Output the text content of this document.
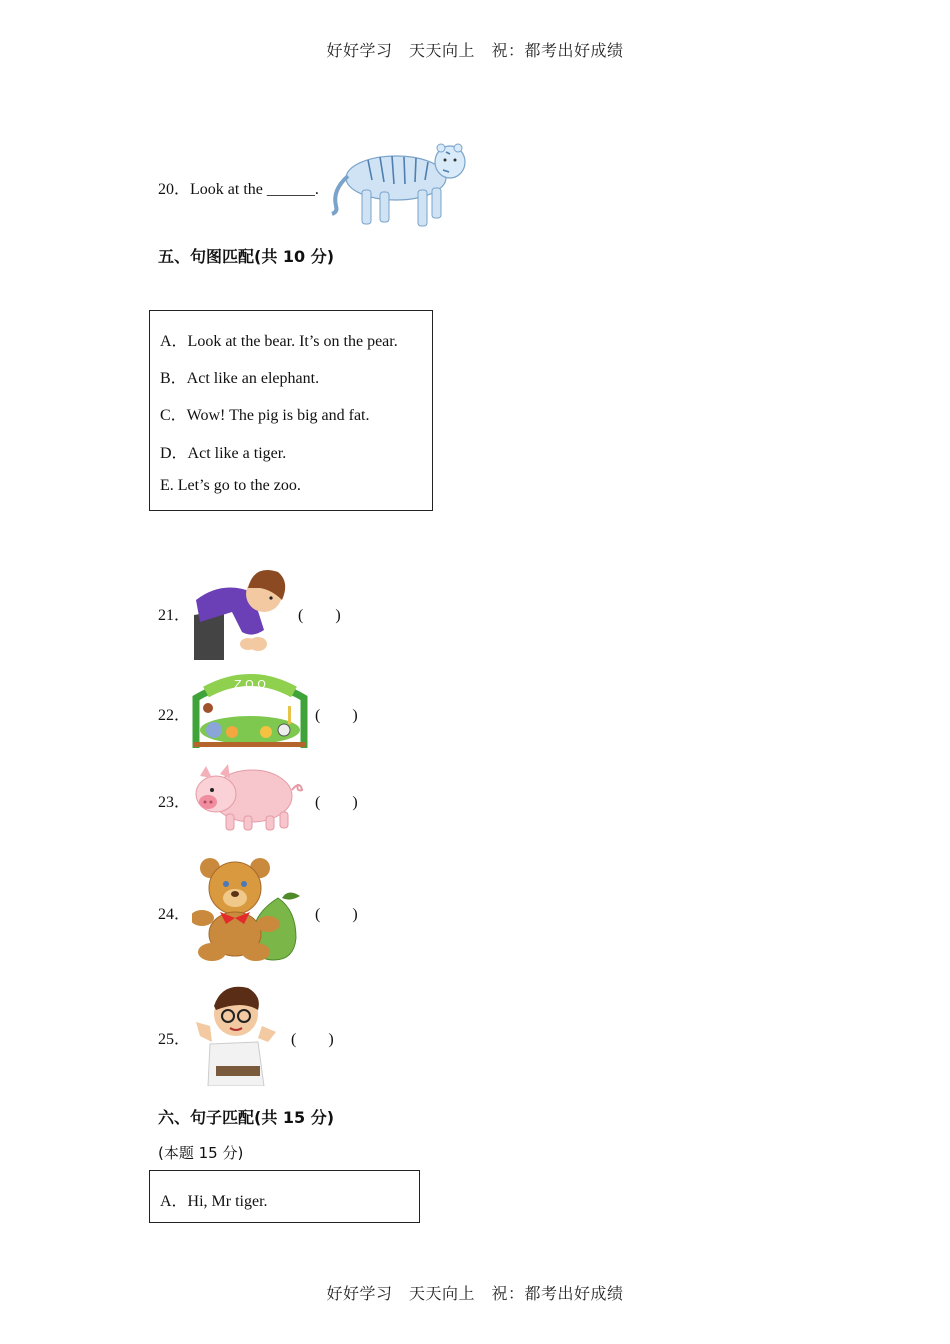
好好学习　天天向上　祝：都考出好成绩
20．Look at the ______.
五、句图匹配(共 10 分)
A．Look at the bear. It’s on the pear.
B．Act like an elephant.
C．Wow! The pig is big and fat.
D．Act like a tiger.
E. Let’s go to the zoo.
21．	(　　)
22．
Z O O
(　　)
23．	(　　)
24．	(　　)
25．	(　　)
六、句子匹配(共 15 分)
(本题 15 分)
A．Hi, Mr tiger.
好好学习　天天向上　祝：都考出好成绩
